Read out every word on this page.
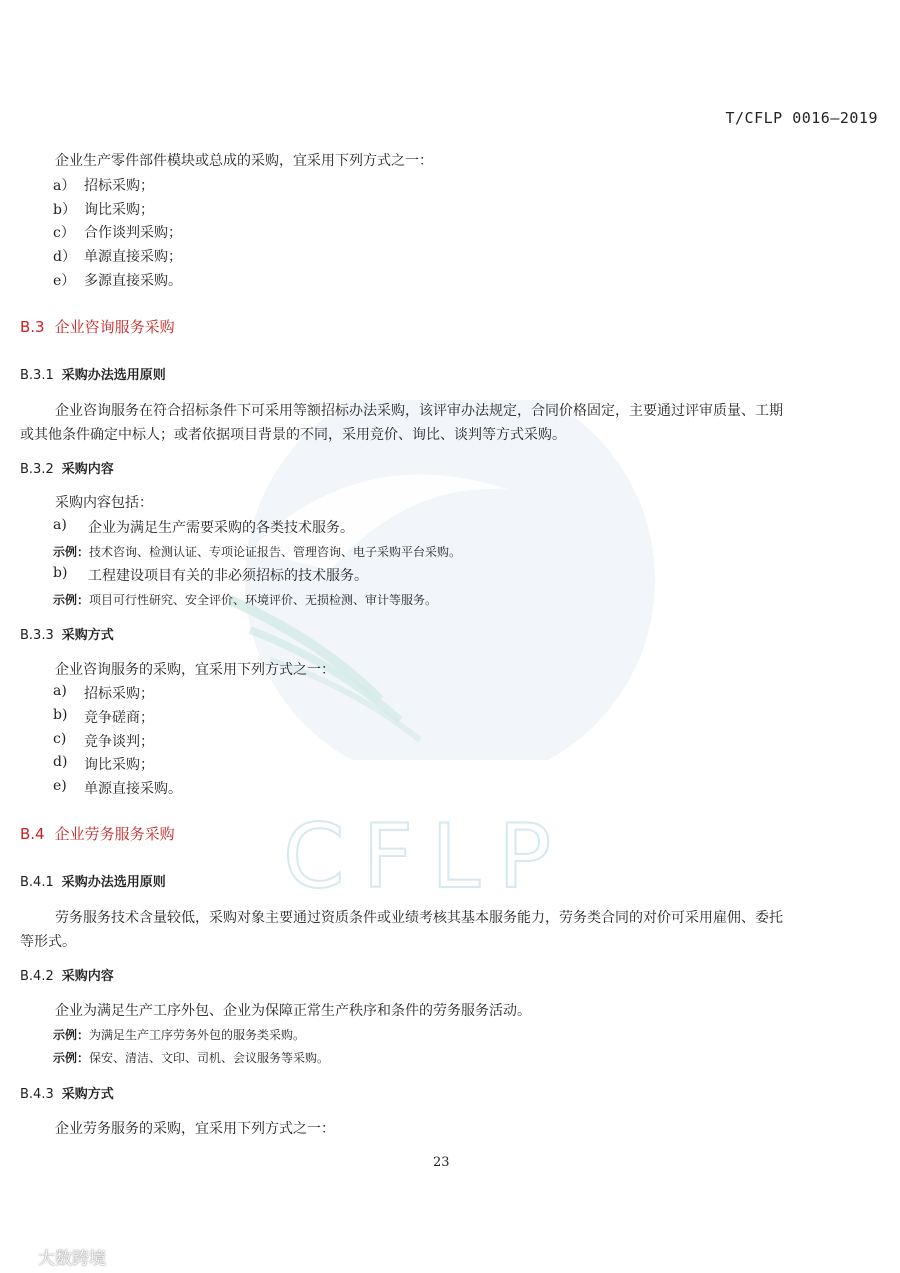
CFLP
T/CFLP 0016—2019
企业生产零件部件模块或总成的采购，宜采用下列方式之一：
a） 招标采购；
b） 询比采购；
c） 合作谈判采购；
d） 单源直接采购；
e） 多源直接采购。
B.3 企业咨询服务采购
B.3.1 采购办法选用原则
企业咨询服务在符合招标条件下可采用等额招标办法采购，该评审办法规定，合同价格固定，主要通过评审质量、工期
或其他条件确定中标人；或者依据项目背景的不同，采用竞价、询比、谈判等方式采购。
B.3.2 采购内容
采购内容包括：
a) 企业为满足生产需要采购的各类技术服务。
示例：技术咨询、检测认证、专项论证报告、管理咨询、电子采购平台采购。
b) 工程建设项目有关的非必须招标的技术服务。
示例：项目可行性研究、安全评价、环境评价、无损检测、审计等服务。
B.3.3 采购方式
企业咨询服务的采购，宜采用下列方式之一：
a) 招标采购；
b) 竞争磋商；
c) 竞争谈判；
d) 询比采购；
e) 单源直接采购。
B.4 企业劳务服务采购
B.4.1 采购办法选用原则
劳务服务技术含量较低，采购对象主要通过资质条件或业绩考核其基本服务能力，劳务类合同的对价可采用雇佣、委托
等形式。
B.4.2 采购内容
企业为满足生产工序外包、企业为保障正常生产秩序和条件的劳务服务活动。
示例：为满足生产工序劳务外包的服务类采购。
示例：保安、清洁、文印、司机、会议服务等采购。
B.4.3 采购方式
企业劳务服务的采购，宜采用下列方式之一：
23
大数跨境
